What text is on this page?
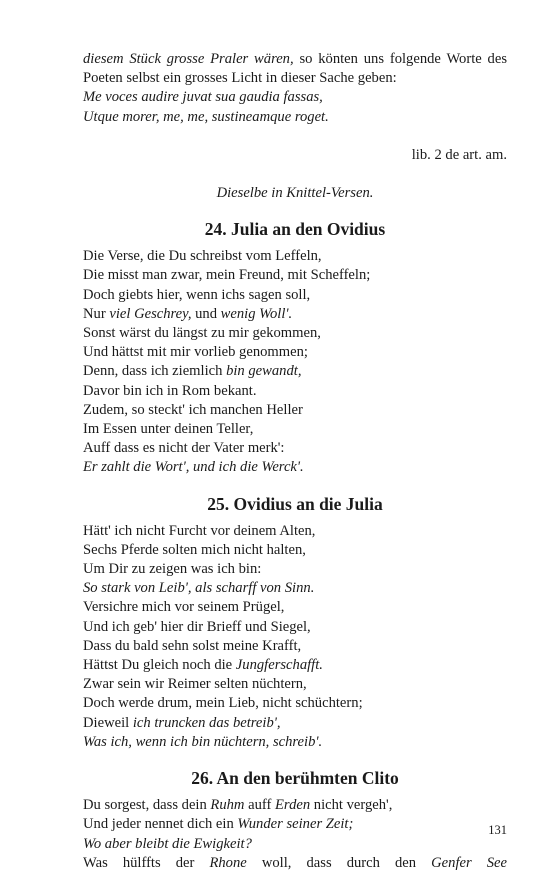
diesem Stück grosse Praler wären, so könten uns folgende Worte des
Poeten selbst ein grosses Licht in dieser Sache geben:
Me voces audire juvat sua gaudia fassas,
Utque morer, me, me, sustineamque roget.
lib. 2 de art. am.
Dieselbe in Knittel-Versen.
24. Julia an den Ovidius
Die Verse, die Du schreibst vom Leffeln,
Die misst man zwar, mein Freund, mit Scheffeln;
Doch giebts hier, wenn ichs sagen soll,
Nur viel Geschrey, und wenig Woll'.
Sonst wärst du längst zu mir gekommen,
Und hättst mit mir vorlieb genommen;
Denn, dass ich ziemlich bin gewandt,
Davor bin ich in Rom bekant.
Zudem, so steckt' ich manchen Heller
Im Essen unter deinen Teller,
Auff dass es nicht der Vater merk':
Er zahlt die Wort', und ich die Werck'.
25. Ovidius an die Julia
Hätt' ich nicht Furcht vor deinem Alten,
Sechs Pferde solten mich nicht halten,
Um Dir zu zeigen was ich bin:
So stark von Leib', als scharff von Sinn.
Versichre mich vor seinem Prügel,
Und ich geb' hier dir Brieff und Siegel,
Dass du bald sehn solst meine Krafft,
Hättst Du gleich noch die Jungferschafft.
Zwar sein wir Reimer selten nüchtern,
Doch werde drum, mein Lieb, nicht schüchtern;
Dieweil ich truncken das betreib',
Was ich, wenn ich bin nüchtern, schreib'.
26. An den berühmten Clito
Du sorgest, dass dein Ruhm auff Erden nicht vergeh',
Und jeder nennet dich ein Wunder seiner Zeit;
Wo aber bleibt die Ewigkeit?
Was hülffts der Rhone woll, dass durch den Genfer See
131
